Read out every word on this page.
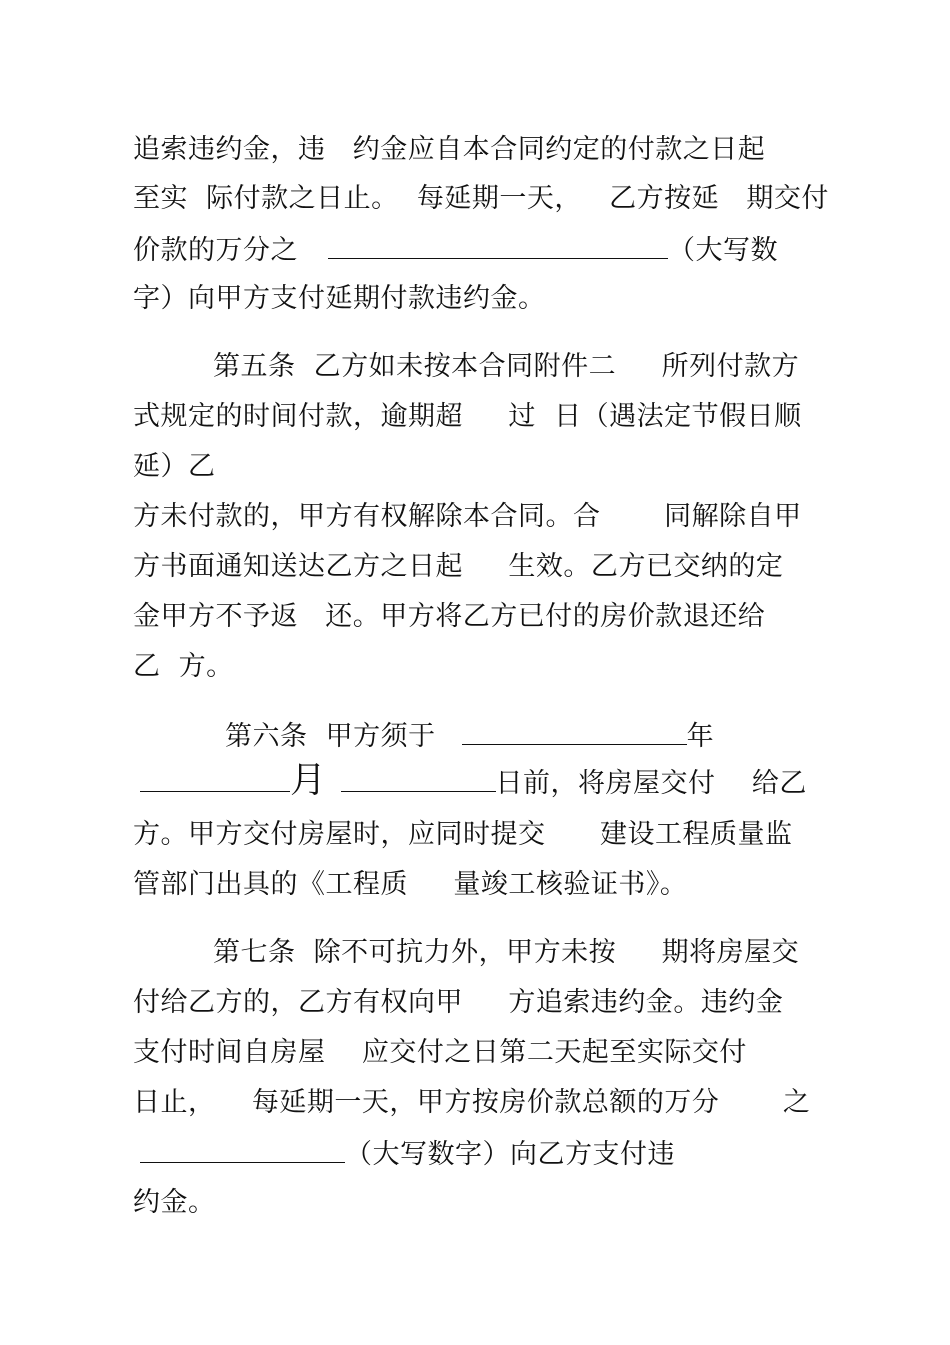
追索违约金，违   约金应自本合同约定的付款之日起
至实  际付款之日止。  每延期一天，   乙方按延   期交付
价款的万分之	（大写数
字）向甲方支付延期付款违约金。
第五条  乙方如未按本合同附件二     所列付款方
式规定的时间付款，逾期超     过  日（遇法定节假日顺
延）乙
方未付款的，甲方有权解除本合同。合       同解除自甲
方书面通知送达乙方之日起     生效。乙方已交纳的定
金甲方不予返   还。甲方将乙方已付的房价款退还给
乙  方。
第六条  甲方须于	年
月	日前，将房屋交付    给乙
方。甲方交付房屋时，应同时提交      建设工程质量监
管部门出具的《工程质     量竣工核验证书》。
第七条  除不可抗力外，甲方未按     期将房屋交
付给乙方的，乙方有权向甲     方追索违约金。违约金
支付时间自房屋    应交付之日第二天起至实际交付
日止，    每延期一天，甲方按房价款总额的万分       之
（大写数字）向乙方支付违
约金。
